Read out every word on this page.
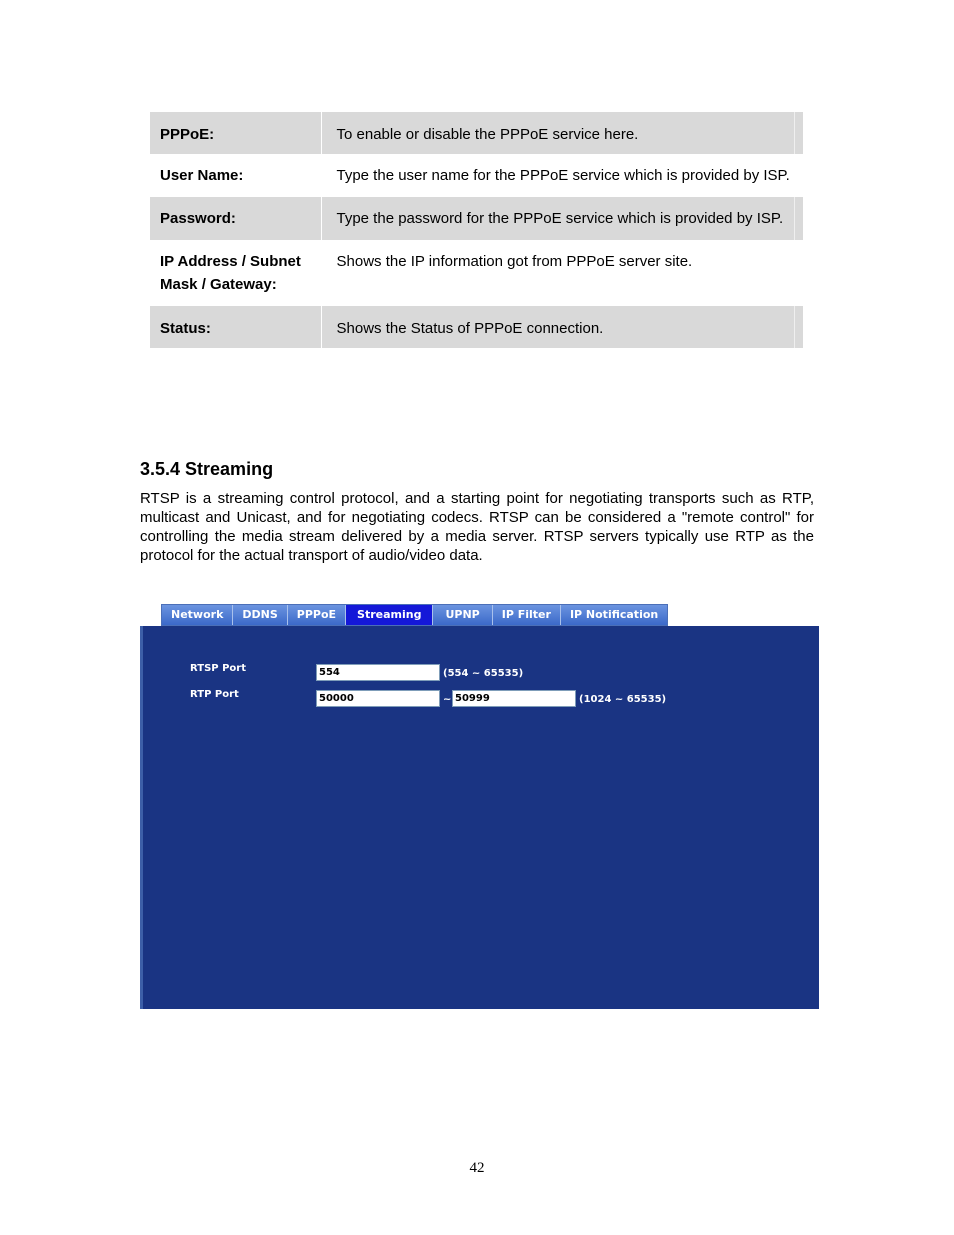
PPPoE:	To enable or disable the PPPoE service here.
User Name:	Type the user name for the PPPoE service which is provided by ISP.
Password:	Type the password for the PPPoE service which is provided by ISP.
IP Address / Subnet Mask / Gateway:	Shows the IP information got from PPPoE server site.
Status:	Shows the Status of PPPoE connection.
3.5.4 Streaming

RTSP is a streaming control protocol, and a starting point for negotiating transports such as RTP, multicast and Unicast, and for negotiating codecs. RTSP can be considered a "remote control" for controlling the media stream delivered by a media server. RTSP servers typically use RTP as the protocol for the actual transport of audio/video data.

Network	DDNS	PPPoE	Streaming	UPNP	IP Filter	IP Notification
RTSP Port	554	(554 ~ 65535)
RTP Port	50000	~ 50999	(1024 ~ 65535)
42
